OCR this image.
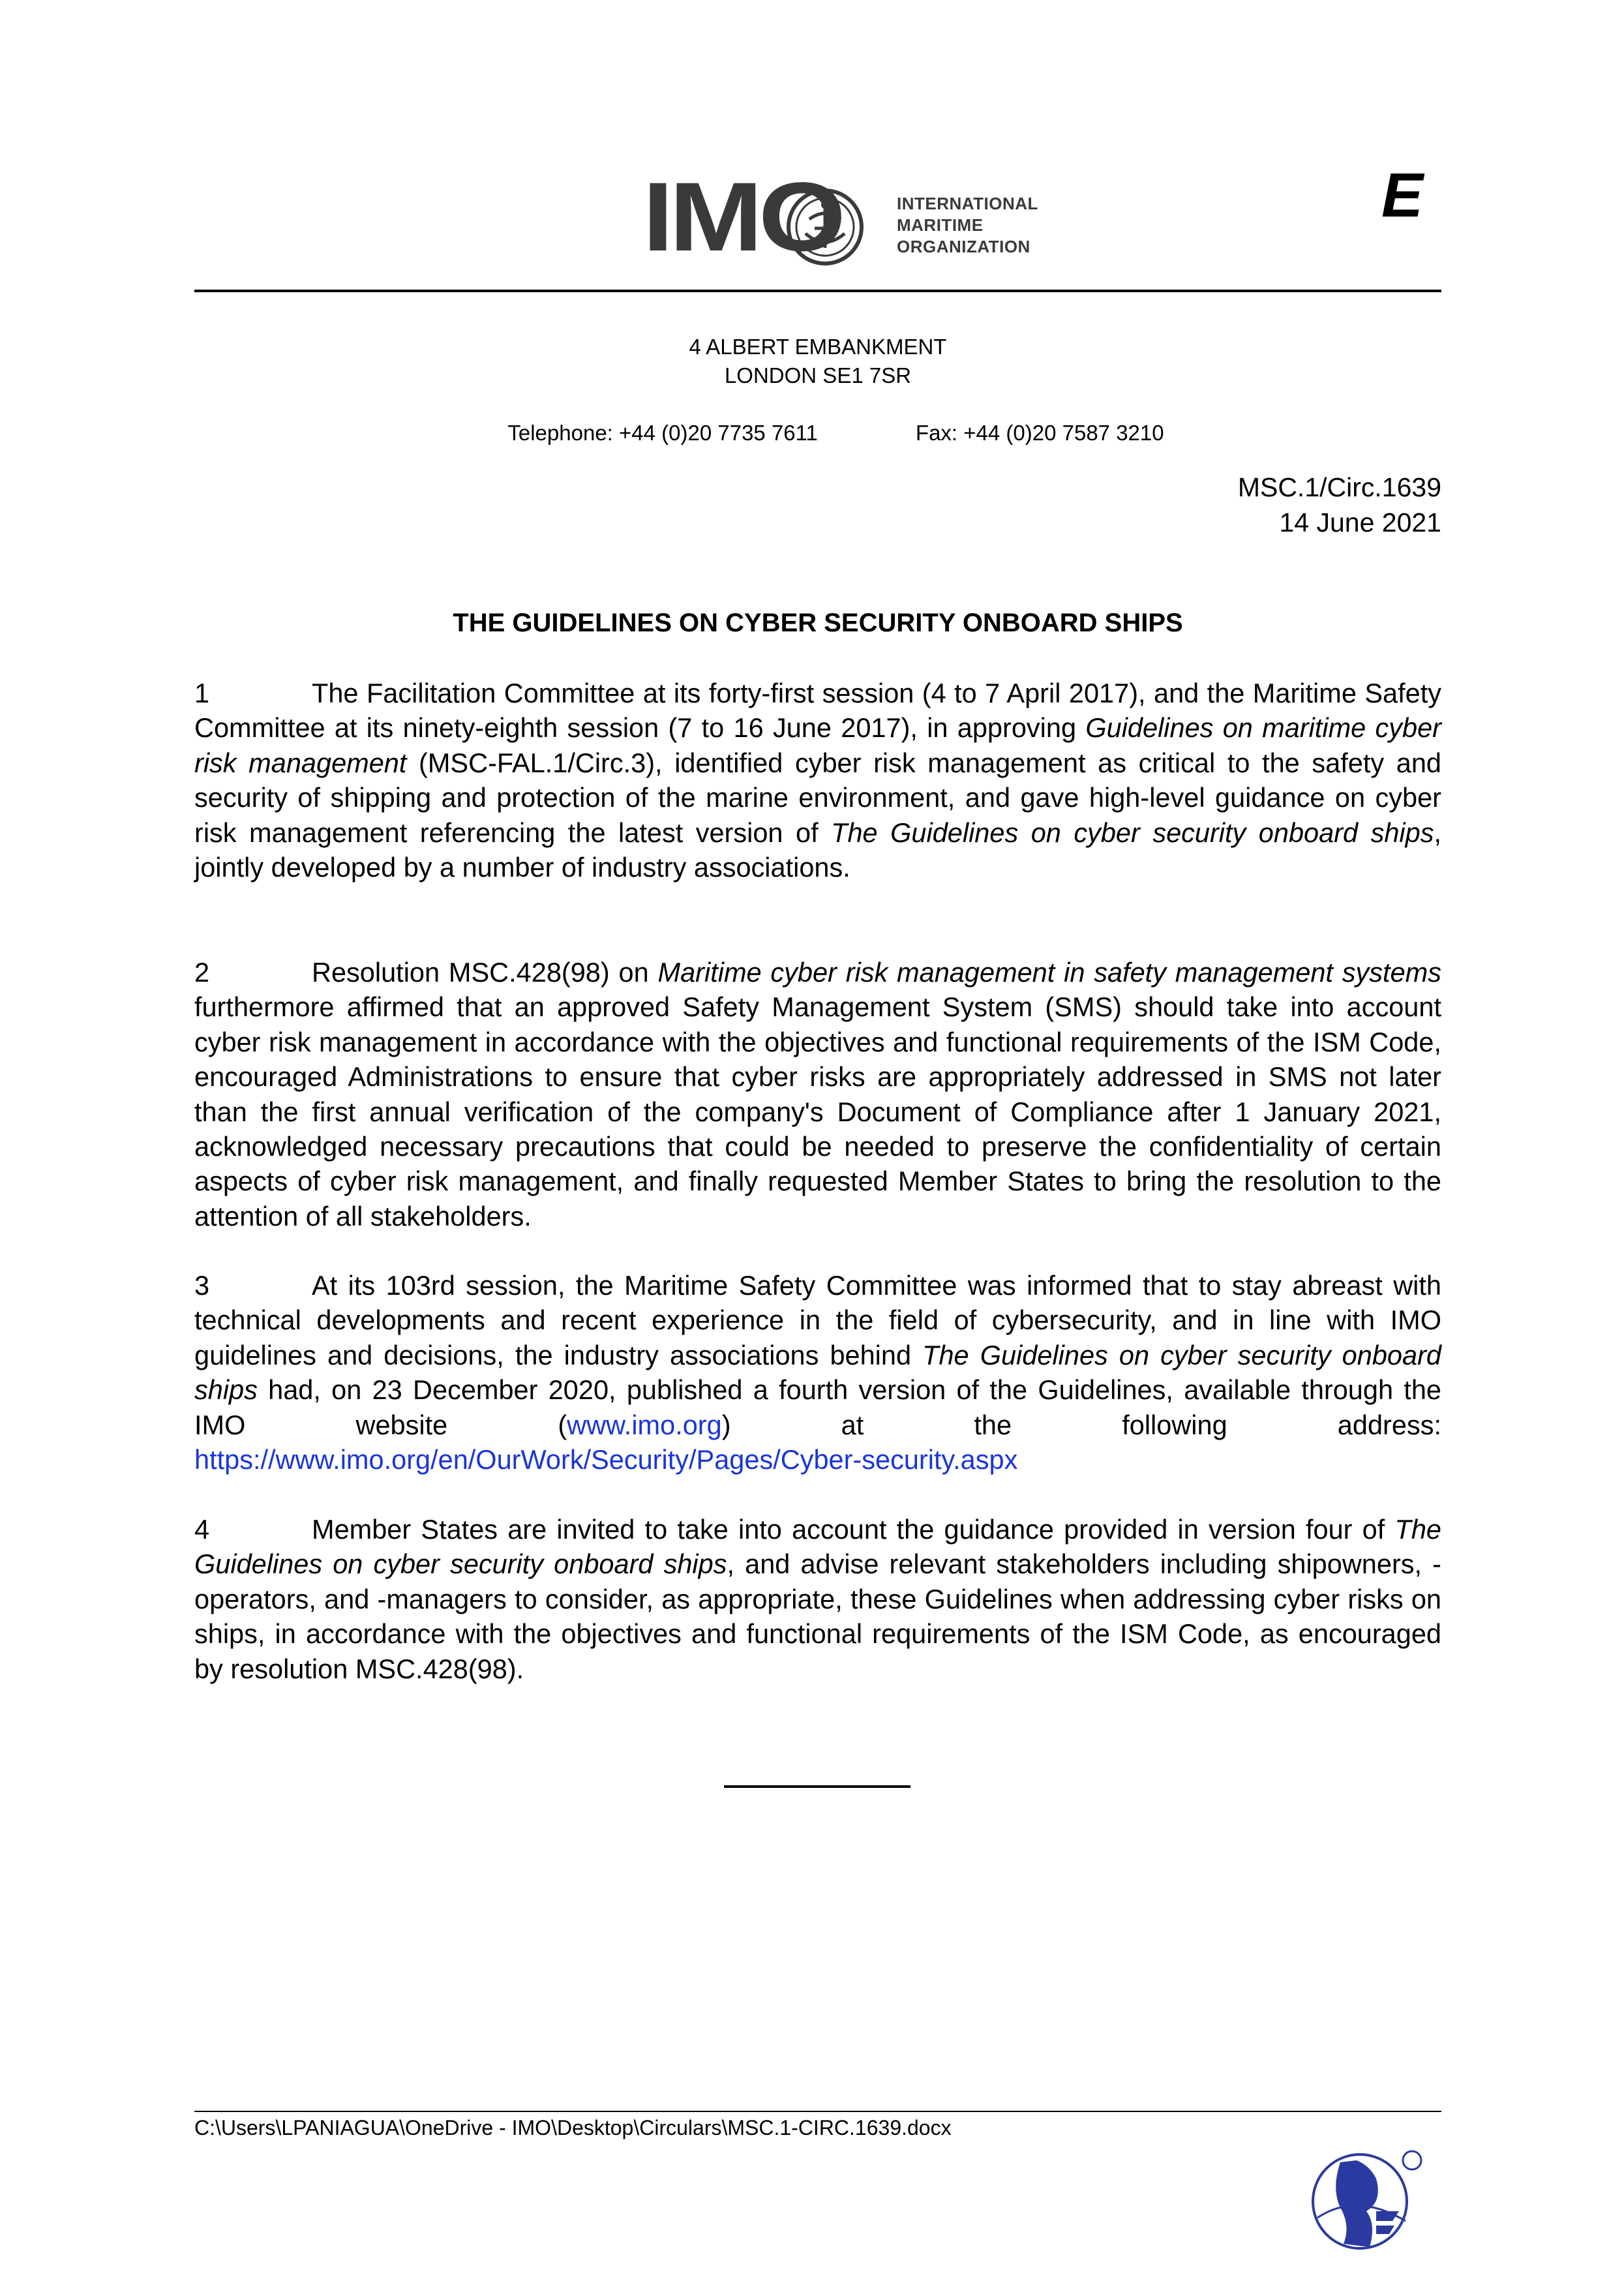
INTERNATIONAL
MARITIME
ORGANIZATION
IMO	E
4 ALBERT EMBANKMENT
LONDON SE1 7SR

Telephone: +44 (0)20 7735 7611	Fax: +44 (0)20 7587 3210

MSC.1/Circ.1639
14 June 2021
THE GUIDELINES ON CYBER SECURITY ONBOARD SHIPS
1	The Facilitation Committee at its forty-first session (4 to 7 April 2017), and the Maritime Safety Committee at its ninety-eighth session (7 to 16 June 2017), in approving Guidelines on maritime cyber risk management (MSC-FAL.1/Circ.3), identified cyber risk management as critical to the safety and security of shipping and protection of the marine environment, and gave high-level guidance on cyber risk management referencing the latest version of The Guidelines on cyber security onboard ships, jointly developed by a number of industry associations.
2	Resolution MSC.428(98) on Maritime cyber risk management in safety management systems furthermore affirmed that an approved Safety Management System (SMS) should take into account cyber risk management in accordance with the objectives and functional requirements of the ISM Code, encouraged Administrations to ensure that cyber risks are appropriately addressed in SMS not later than the first annual verification of the company's Document of Compliance after 1 January 2021, acknowledged necessary precautions that could be needed to preserve the confidentiality of certain aspects of cyber risk management, and finally requested Member States to bring the resolution to the attention of all stakeholders.
3	At its 103rd session, the Maritime Safety Committee was informed that to stay abreast with technical developments and recent experience in the field of cybersecurity, and in line with IMO guidelines and decisions, the industry associations behind The Guidelines on cyber security onboard ships had, on 23 December 2020, published a fourth version of the Guidelines, available through the IMO website (www.imo.org) at the following address: https://www.imo.org/en/OurWork/Security/Pages/Cyber-security.aspx
4	Member States are invited to take into account the guidance provided in version four of The Guidelines on cyber security onboard ships, and advise relevant stakeholders including shipowners, -operators, and -managers to consider, as appropriate, these Guidelines when addressing cyber risks on ships, in accordance with the objectives and functional requirements of the ISM Code, as encouraged by resolution MSC.428(98).
C:\Users\LPANIAGUA\OneDrive - IMO\Desktop\Circulars\MSC.1-CIRC.1639.docx
